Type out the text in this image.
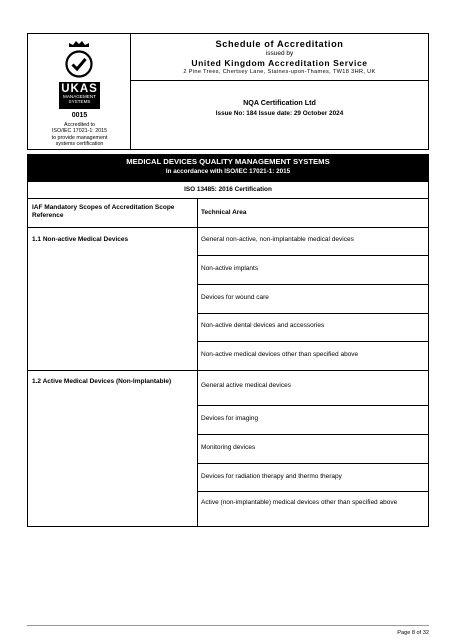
UKAS
MANAGEMENT SYSTEMS
0015
Accredited to
ISO/IEC 17021-1: 2015
to provide management
systems certification
Schedule of Accreditation
issued by
United Kingdom Accreditation Service
2 Pine Trees, Chertsey Lane, Staines-upon-Thames, TW18 3HR, UK
NQA Certification Ltd
Issue No: 184 Issue date: 29 October 2024
MEDICAL DEVICES QUALITY MANAGEMENT SYSTEMS
In accordance with ISO/IEC 17021-1: 2015
ISO 13485: 2016 Certification
IAF Mandatory Scopes of Accreditation Scope Reference	Technical Area
1.1 Non-active Medical Devices	General non-active, non-implantable medical devices
Non-active implants
Devices for wound care
Non-active dental devices and accessories
Non-active medical devices other than specified above
1.2 Active Medical Devices (Non-Implantable)
General active medical devices
Devices for imaging
Monitoring devices
Devices for radiation therapy and thermo therapy
Active (non-implantable) medical devices other than specified above
Page 8 of 32
